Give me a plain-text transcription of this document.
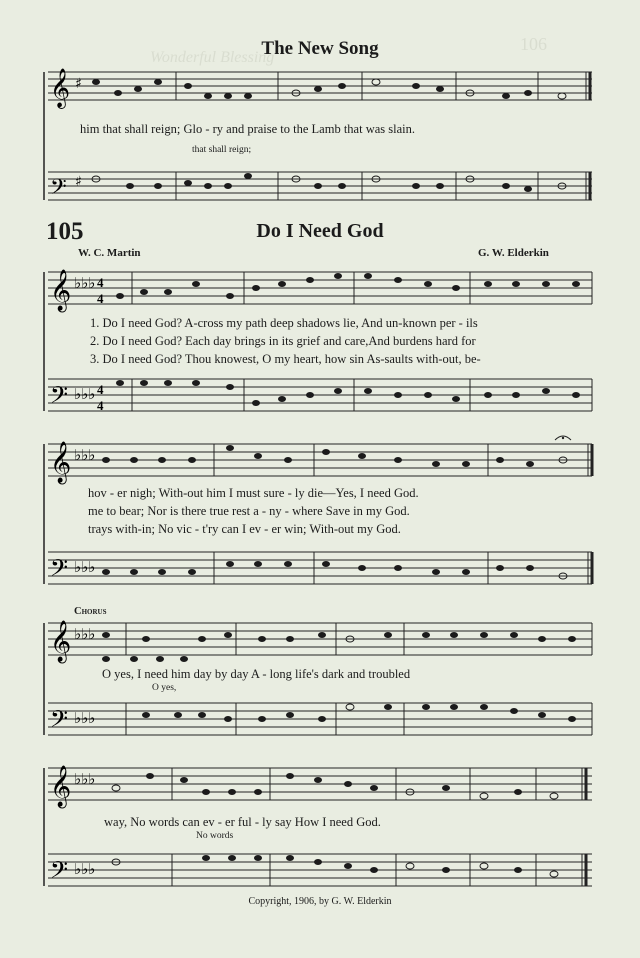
Wonderful Blessing
106
The New Song
𝄞
𝄢
♯
♯
him that shall reign; Glo - ry and praise to the Lamb that was slain.
that shall reign;
105	Do I Need God
W. C. Martin	G. W. Elderkin
𝄞
𝄢
♭♭♭
♭♭♭
4
4
4
4
1. Do I need God? A-cross my path deep shadows lie, And un-known per - ils
2. Do I need God? Each day brings in its grief and care,And burdens hard for
3. Do I need God? Thou knowest, O my heart, how sin As-saults with-out, be-
𝄞
𝄢
♭♭♭
♭♭♭
hov - er nigh; With-out him I must sure - ly die—Yes, I need God.
me to bear; Nor is there true rest a - ny - where Save in my God.
trays with-in; No vic - t'ry can I ev - er win; With-out my God.
Chorus
𝄞
𝄢
♭♭♭
♭♭♭
O yes, I need him day by day A - long life's dark and troubled
O yes,
𝄞
𝄢
♭♭♭
♭♭♭
way, No words can ev - er ful - ly say How I need God.
No words
Copyright, 1906, by G. W. Elderkin
